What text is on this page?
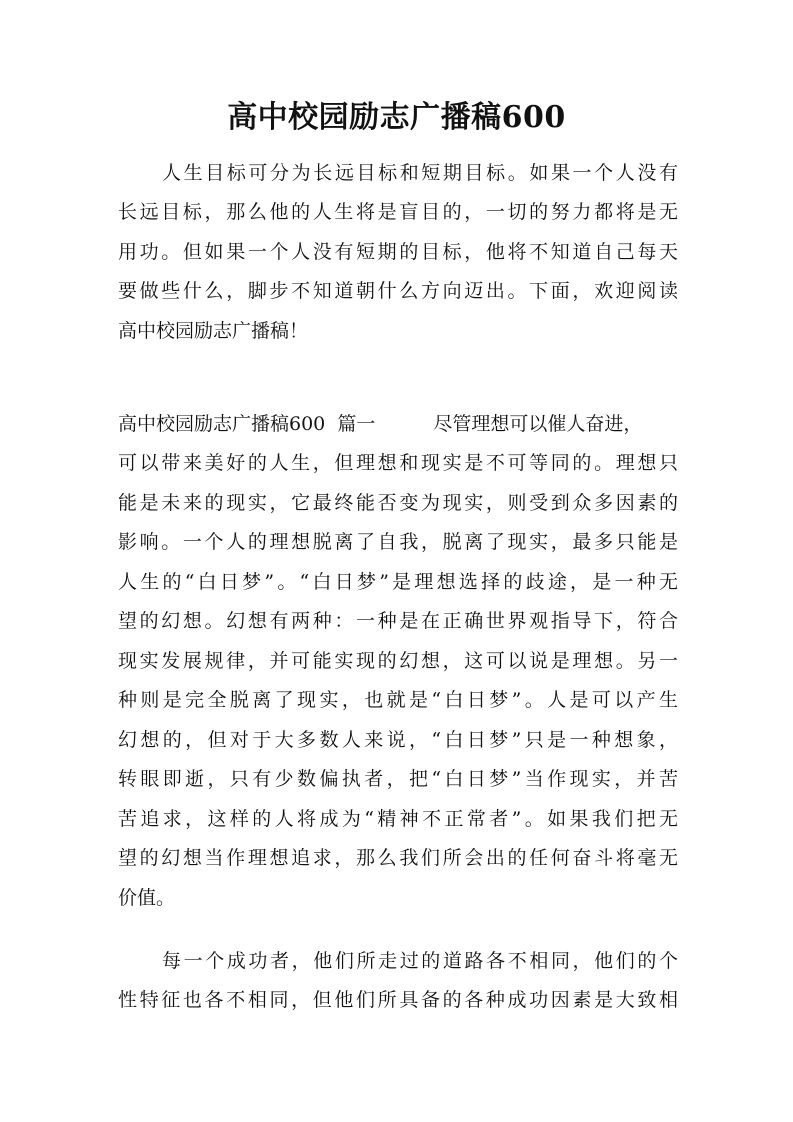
高中校园励志广播稿600
人生目标可分为长远目标和短期目标。如果一个人没有
长远目标，那么他的人生将是盲目的，一切的努力都将是无
用功。但如果一个人没有短期的目标，他将不知道自己每天
要做些什么，脚步不知道朝什么方向迈出。下面，欢迎阅读
高中校园励志广播稿！
高中校园励志广播稿600  篇一	尽管理想可以催人奋进，
可以带来美好的人生，但理想和现实是不可等同的。理想只
能是未来的现实，它最终能否变为现实，则受到众多因素的
影响。一个人的理想脱离了自我，脱离了现实，最多只能是
人生的“白日梦”。“白日梦”是理想选择的歧途，是一种无
望的幻想。幻想有两种：一种是在正确世界观指导下，符合
现实发展规律，并可能实现的幻想，这可以说是理想。另一
种则是完全脱离了现实，也就是“白日梦”。人是可以产生
幻想的，但对于大多数人来说，“白日梦”只是一种想象，
转眼即逝，只有少数偏执者，把“白日梦”当作现实，并苦
苦追求，这样的人将成为“精神不正常者”。如果我们把无
望的幻想当作理想追求，那么我们所会出的任何奋斗将毫无
价值。
每一个成功者，他们所走过的道路各不相同，他们的个
性特征也各不相同，但他们所具备的各种成功因素是大致相
